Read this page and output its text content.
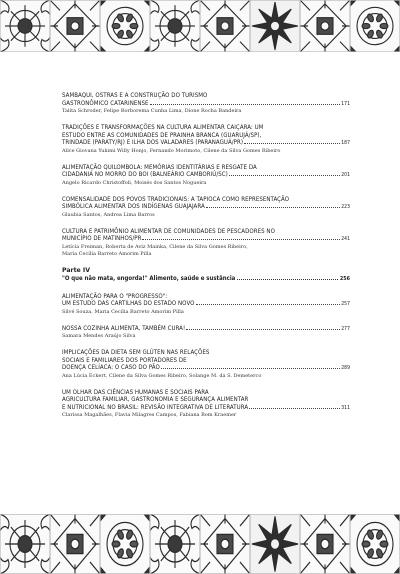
SAMBAQUI, OSTRAS E A CONSTRUÇÃO DO TURISMO
GASTRONÔMICO CATARINENSE	171
Talita Schroder, Felipe Borborema Cunha Lima, Dione Rocha Bandeira
TRADIÇÕES E TRANSFORMAÇÕES NA CULTURA ALIMENTAR CAIÇARA: UM
ESTUDO ENTRE AS COMUNIDADES DE PRAINHA BRANCA (GUARUJÁ/SP),
TRINDADE (PARATY/RJ) E ILHA DOS VALADARES (PARANAGUÁ/PR)	187
Alice Giovana Yukimi Willy Honjo, Fernando Morimoto, Cilene da Silva Gomes Ribeiro
ALIMENTAÇÃO QUILOMBOLA: MEMÓRIAS IDENTITÁRIAS E RESGATE DA
CIDADANIA NO MORRO DO BOI (BALNEÁRIO CAMBORIÚ/SC)	201
Angelo Ricardo Christoffoli, Moisés dos Santos Nogueira
COMENSALIDADE DOS POVOS TRADICIONAIS: A TAPIOCA COMO REPRESENTAÇÃO
SIMBÓLICA ALIMENTAR DOS INDÍGENAS GUAJAJARA	223
Glaubia Santos, Andrea Lima Barros
CULTURA E PATRIMÔNIO ALIMENTAR DE COMUNIDADES DE PESCADORES NO
MUNICÍPIO DE MATINHOS/PR	241
Letícia Freiman, Roberta de Aviz Mainka, Cilene da Silva Gomes Ribeiro,
Maria Cecília Barreto Amorim Pilla
Parte IV
"O que não mata, engorda!" Alimento, saúde e sustância	256
ALIMENTAÇÃO PARA O "PROGRESSO":
UM ESTUDO DAS CARTILHAS DO ESTADO NOVO	257
Silvé Souza, Maria Cecília Barreto Amorim Pilla
NOSSA COZINHA ALIMENTA, TAMBÉM CURA!	277
Samara Mendes Araújo Silva
IMPLICAÇÕES DA DIETA SEM GLÚTEN NAS RELAÇÕES
SOCIAIS E FAMILIARES DOS PORTADORES DE
DOENÇA CELÍACA: O CASO DO PÃO	289
Ana Lúcia Eckert, Cilene da Silva Gomes Ribeiro, Solange M. da S. Demeterco
UM OLHAR DAS CIÊNCIAS HUMANAS E SOCIAIS PARA
AGRICULTURA FAMILIAR, GASTRONOMIA E SEGURANÇA ALIMENTAR
E NUTRICIONAL NO BRASIL: REVISÃO INTEGRATIVA DE LITERATURA	311
Clarissa Magalhães, Flavia Milagres Campos, Fabiana Bom Kraemer
